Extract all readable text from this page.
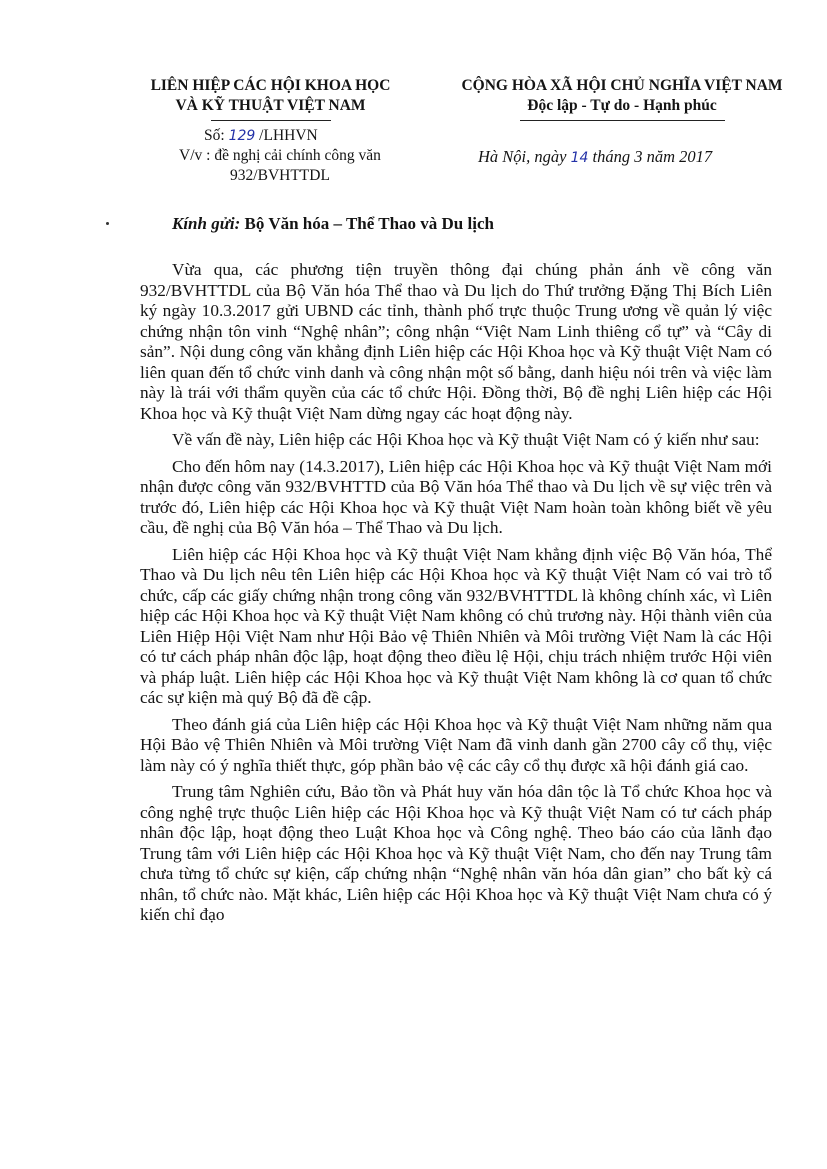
LIÊN HIỆP CÁC HỘI KHOA HỌC

VÀ KỸ THUẬT VIỆT NAM

CỘNG HÒA XÃ HỘI CHỦ NGHĨA VIỆT NAM

Độc lập - Tự do - Hạnh phúc

Số: 129 /LHHVN
V/v : đề nghị cải chính công văn
932/BVHTTDL
Hà Nội, ngày 14 tháng 3 năm 2017
Kính gửi: Bộ Văn hóa – Thể Thao và Du lịch

Vừa qua, các phương tiện truyền thông đại chúng phản ánh về công văn 932/BVHTTDL của Bộ Văn hóa Thể thao và Du lịch do Thứ trưởng Đặng Thị Bích Liên ký ngày 10.3.2017 gửi UBND các tỉnh, thành phố trực thuộc Trung ương về quản lý việc chứng nhận tôn vinh “Nghệ nhân”; công nhận “Việt Nam Linh thiêng cổ tự” và “Cây di sản”. Nội dung công văn khẳng định Liên hiệp các Hội Khoa học và Kỹ thuật Việt Nam có liên quan đến tổ chức vinh danh và công nhận một số bằng, danh hiệu nói trên và việc làm này là trái với thẩm quyền của các tổ chức Hội. Đồng thời, Bộ đề nghị Liên hiệp các Hội Khoa học và Kỹ thuật Việt Nam dừng ngay các hoạt động này.

Về vấn đề này, Liên hiệp các Hội Khoa học và Kỹ thuật Việt Nam có ý kiến như sau:

Cho đến hôm nay (14.3.2017), Liên hiệp các Hội Khoa học và Kỹ thuật Việt Nam mới nhận được công văn 932/BVHTTD của Bộ Văn hóa Thể thao và Du lịch về sự việc trên và trước đó, Liên hiệp các Hội Khoa học và Kỹ thuật Việt Nam hoàn toàn không biết về yêu cầu, đề nghị của Bộ Văn hóa – Thể Thao và Du lịch.

Liên hiệp các Hội Khoa học và Kỹ thuật Việt Nam khẳng định việc Bộ Văn hóa, Thể Thao và Du lịch nêu tên Liên hiệp các Hội Khoa học và Kỹ thuật Việt Nam có vai trò tổ chức, cấp các giấy chứng nhận trong công văn 932/BVHTTDL là không chính xác, vì Liên hiệp các Hội Khoa học và Kỹ thuật Việt Nam không có chủ trương này. Hội thành viên của Liên Hiệp Hội Việt Nam như Hội Bảo vệ Thiên Nhiên và Môi trường Việt Nam là các Hội có tư cách pháp nhân độc lập, hoạt động theo điều lệ Hội, chịu trách nhiệm trước Hội viên và pháp luật. Liên hiệp các Hội Khoa học và Kỹ thuật Việt Nam không là cơ quan tổ chức các sự kiện mà quý Bộ đã đề cập.

Theo đánh giá của Liên hiệp các Hội Khoa học và Kỹ thuật Việt Nam những năm qua Hội Bảo vệ Thiên Nhiên và Môi trường Việt Nam đã vinh danh gần 2700 cây cổ thụ, việc làm này có ý nghĩa thiết thực, góp phần bảo vệ các cây cổ thụ được xã hội đánh giá cao.

Trung tâm Nghiên cứu, Bảo tồn và Phát huy văn hóa dân tộc là Tổ chức Khoa học và công nghệ trực thuộc Liên hiệp các Hội Khoa học và Kỹ thuật Việt Nam có tư cách pháp nhân độc lập, hoạt động theo Luật Khoa học và Công nghệ. Theo báo cáo của lãnh đạo Trung tâm với Liên hiệp các Hội Khoa học và Kỹ thuật Việt Nam, cho đến nay Trung tâm chưa từng tổ chức sự kiện, cấp chứng nhận “Nghệ nhân văn hóa dân gian” cho bất kỳ cá nhân, tổ chức nào. Mặt khác, Liên hiệp các Hội Khoa học và Kỹ thuật Việt Nam chưa có ý kiến chỉ đạo
